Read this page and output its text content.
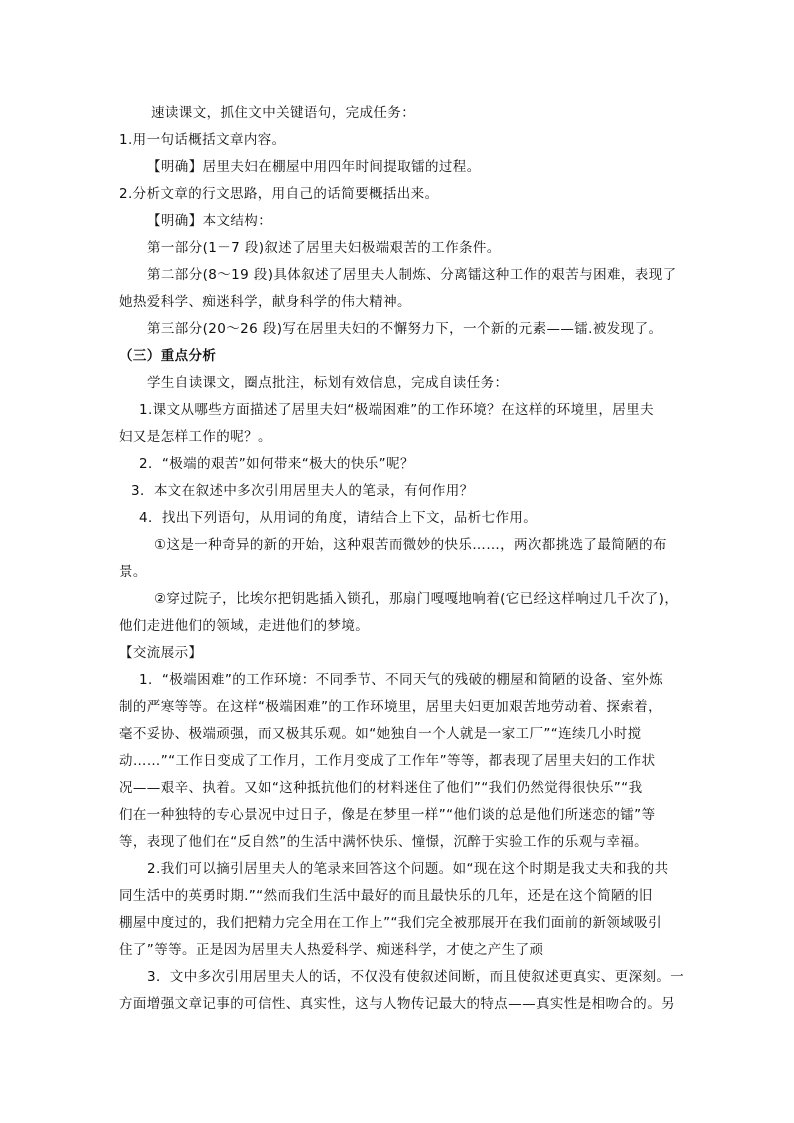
速读课文，抓住文中关键语句，完成任务：
1.用一句话概括文章内容。
【明确】居里夫妇在棚屋中用四年时间提取镭的过程。
2.分析文章的行文思路，用自己的话简要概括出来。
【明确】本文结构：
第一部分(1－7 段)叙述了居里夫妇极端艰苦的工作条件。
第二部分(8～19 段)具体叙述了居里夫人制炼、分离镭这种工作的艰苦与困难，表现了
她热爱科学、痴迷科学，献身科学的伟大精神。
第三部分(20～26 段)写在居里夫妇的不懈努力下，一个新的元素——镭.被发现了。
（三）重点分析
学生自读课文，圈点批注，标划有效信息，完成自读任务：
1.课文从哪些方面描述了居里夫妇“极端困难”的工作环境？在这样的环境里，居里夫
妇又是怎样工作的呢？。
2．“极端的艰苦”如何带来“极大的快乐”呢？
3．本文在叙述中多次引用居里夫人的笔录，有何作用？
4．找出下列语句，从用词的角度，请结合上下文，品析七作用。
①这是一种奇异的新的开始，这种艰苦而微妙的快乐……，两次都挑选了最简陋的布
景。
②穿过院子，比埃尔把钥匙插入锁孔，那扇门嘎嘎地响着(它已经这样响过几千次了)，
他们走进他们的领域，走进他们的梦境。
【交流展示】
1．“极端困难”的工作环境：不同季节、不同天气的残破的棚屋和简陋的设备、室外炼
制的严寒等等。在这样“极端困难”的工作环境里，居里夫妇更加艰苦地劳动着、探索着，
毫不妥协、极端顽强，而又极其乐观。如“她独自一个人就是一家工厂”“连续几小时搅
动……”“工作日变成了工作月，工作月变成了工作年”等等，都表现了居里夫妇的工作状
况——艰辛、执着。又如“这种抵抗他们的材料迷住了他们”“我们仍然觉得很快乐”“我
们在一种独特的专心景况中过日子，像是在梦里一样”“他们谈的总是他们所迷恋的镭”等
等，表现了他们在“反自然”的生活中满怀快乐、憧憬，沉醉于实验工作的乐观与幸福。
2.我们可以摘引居里夫人的笔录来回答这个问题。如“现在这个时期是我丈夫和我的共
同生活中的英勇时期.”“然而我们生活中最好的而且最快乐的几年，还是在这个简陋的旧
棚屋中度过的，我们把精力完全用在工作上”“我们完全被那展开在我们面前的新领域吸引
住了”等等。正是因为居里夫人热爱科学、痴迷科学，才使之产生了顽
3．文中多次引用居里夫人的话，不仅没有使叙述间断，而且使叙述更真实、更深刻。一
方面增强文章记事的可信性、真实性，这与人物传记最大的特点——真实性是相吻合的。另
